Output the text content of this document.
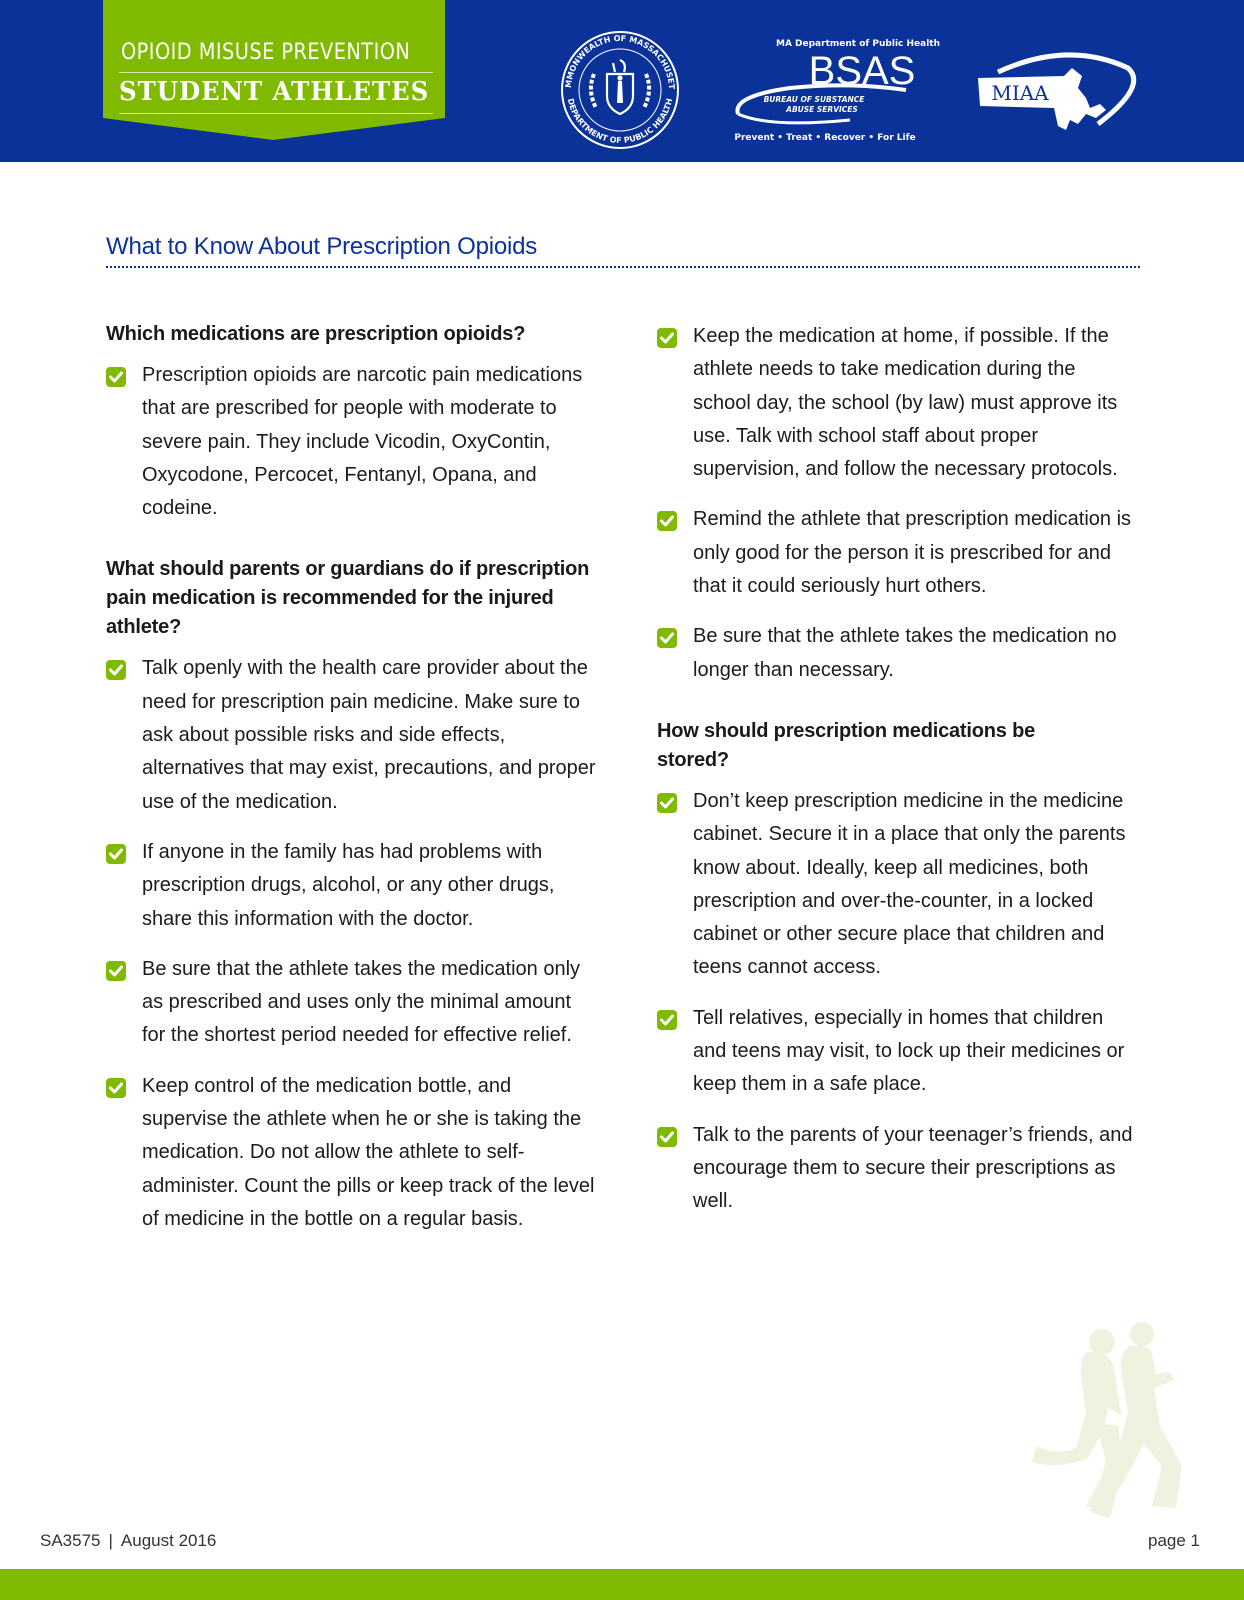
OPIOID MISUSE PREVENTION
STUDENT ATHLETES	MMONWEALTH OF MASSACHUSET
DEPARTMENT OF PUBLIC HEALTH
MA Department of Public Health
BSAS
BUREAU OF SUBSTANCE
ABUSE SERVICES
Prevent • Treat • Recover • For Life
MIAA
What to Know About Prescription Opioids
Which medications are prescription opioids?
Prescription opioids are narcotic pain medications that are prescribed for people with moderate to severe pain. They include Vicodin, OxyContin, Oxycodone, Percocet, Fentanyl, Opana, and codeine.
What should parents or guardians do if prescription pain medication is recommended for the injured athlete?
Talk openly with the health care provider about the need for prescription pain medicine. Make sure to ask about possible risks and side effects, alternatives that may exist, precautions, and proper use of the medication.
If anyone in the family has had problems with prescription drugs, alcohol, or any other drugs, share this information with the doctor.
Be sure that the athlete takes the medication only as prescribed and uses only the minimal amount for the shortest period needed for effective relief.
Keep control of the medication bottle, and supervise the athlete when he or she is taking the medication. Do not allow the athlete to self-administer. Count the pills or keep track of the level of medicine in the bottle on a regular basis.
Keep the medication at home, if possible. If the athlete needs to take medication during the school day, the school (by law) must approve its use. Talk with school staff about proper supervision, and follow the necessary protocols.
Remind the athlete that prescription medication is only good for the person it is prescribed for and that it could seriously hurt others.
Be sure that the athlete takes the medication no longer than necessary.
How should prescription medications be stored?
Don’t keep prescription medicine in the medicine cabinet. Secure it in a place that only the parents know about. Ideally, keep all medicines, both prescription and over-the-counter, in a locked cabinet or other secure place that children and teens cannot access.
Tell relatives, especially in homes that children and teens may visit, to lock up their medicines or keep them in a safe place.
Talk to the parents of your teenager’s friends, and encourage them to secure their prescriptions as well.
SA3575 | August 2016	page 1
